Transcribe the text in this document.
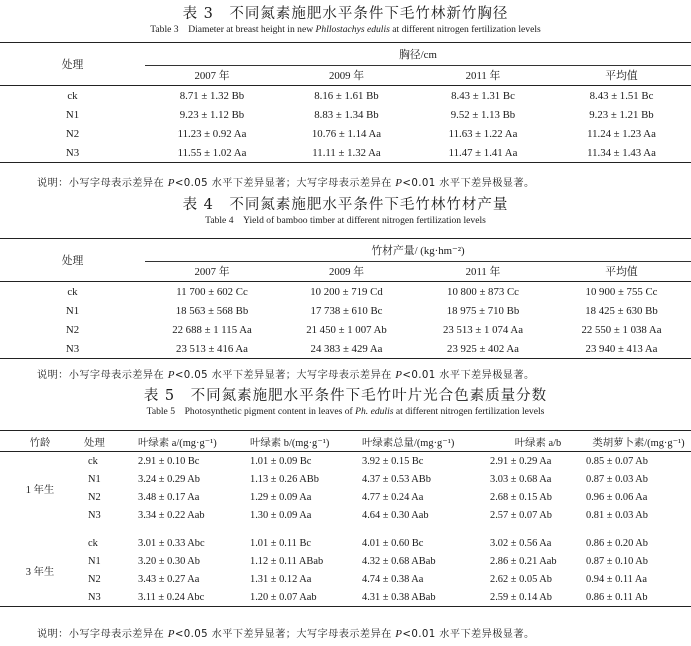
表 3　不同氮素施肥水平条件下毛竹林新竹胸径
Table 3　Diameter at breast height in new Phllostachys edulis at different nitrogen fertilization levels
处理	胸径/cm			
	2007 年	2009 年	2011 年	平均值
ck	8.71 ± 1.32 Bb	8.16 ± 1.61 Bb	8.43 ± 1.31 Bc	8.43 ± 1.51 Bc
N1	9.23 ± 1.12 Bb	8.83 ± 1.34 Bb	9.52 ± 1.13 Bb	9.23 ± 1.21 Bb
N2	11.23 ± 0.92 Aa	10.76 ± 1.14 Aa	11.63 ± 1.22 Aa	11.24 ± 1.23 Aa
N3	11.55 ± 1.02 Aa	11.11 ± 1.32 Aa	11.47 ± 1.41 Aa	11.34 ± 1.43 Aa
说明：小写字母表示差异在 P<0.05 水平下差异显著；大写字母表示差异在 P<0.01 水平下差异极显著。
表 4　不同氮素施肥水平条件下毛竹林竹材产量
Table 4　Yield of bamboo timber at different nitrogen fertilization levels
处理	竹材产量/ (kg·hm⁻²)			
	2007 年	2009 年	2011 年	平均值
ck	11 700 ± 602 Cc	10 200 ± 719 Cd	10 800 ± 873 Cc	10 900 ± 755 Cc
N1	18 563 ± 568 Bb	17 738 ± 610 Bc	18 975 ± 710 Bb	18 425 ± 630 Bb
N2	22 688 ± 1 115 Aa	21 450 ± 1 007 Ab	23 513 ± 1 074 Aa	22 550 ± 1 038 Aa
N3	23 513 ± 416 Aa	24 383 ± 429 Aa	23 925 ± 402 Aa	23 940 ± 413 Aa
说明：小写字母表示差异在 P<0.05 水平下差异显著；大写字母表示差异在 P<0.01 水平下差异极显著。
表 5　不同氮素施肥水平条件下毛竹叶片光合色素质量分数
Table 5　Photosynthetic pigment content in leaves of Ph. edulis at different nitrogen fertilization levels
竹龄	处理	叶绿素 a/(mg·g⁻¹)	叶绿素 b/(mg·g⁻¹)	叶绿素总量/(mg·g⁻¹)	叶绿素 a/b	类胡萝卜素/(mg·g⁻¹)
1 年生	ck	2.91 ± 0.10 Bc	1.01 ± 0.09 Bc	3.92 ± 0.15 Bc	2.91 ± 0.29 Aa	0.85 ± 0.07 Ab
	N1	3.24 ± 0.29 Ab	1.13 ± 0.26 ABb	4.37 ± 0.53 ABb	3.03 ± 0.68 Aa	0.87 ± 0.03 Ab
	N2	3.48 ± 0.17 Aa	1.29 ± 0.09 Aa	4.77 ± 0.24 Aa	2.68 ± 0.15 Ab	0.96 ± 0.06 Aa
	N3	3.34 ± 0.22 Aab	1.30 ± 0.09 Aa	4.64 ± 0.30 Aab	2.57 ± 0.07 Ab	0.81 ± 0.03 Ab

3 年生	ck	3.01 ± 0.33 Abc	1.01 ± 0.11 Bc	4.01 ± 0.60 Bc	3.02 ± 0.56 Aa	0.86 ± 0.20 Ab
	N1	3.20 ± 0.30 Ab	1.12 ± 0.11 ABab	4.32 ± 0.68 ABab	2.86 ± 0.21 Aab	0.87 ± 0.10 Ab
	N2	3.43 ± 0.27 Aa	1.31 ± 0.12 Aa	4.74 ± 0.38 Aa	2.62 ± 0.05 Ab	0.94 ± 0.11 Aa
	N3	3.11 ± 0.24 Abc	1.20 ± 0.07 Aab	4.31 ± 0.38 ABab	2.59 ± 0.14 Ab	0.86 ± 0.11 Ab
说明：小写字母表示差异在 P<0.05 水平下差异显著；大写字母表示差异在 P<0.01 水平下差异极显著。
